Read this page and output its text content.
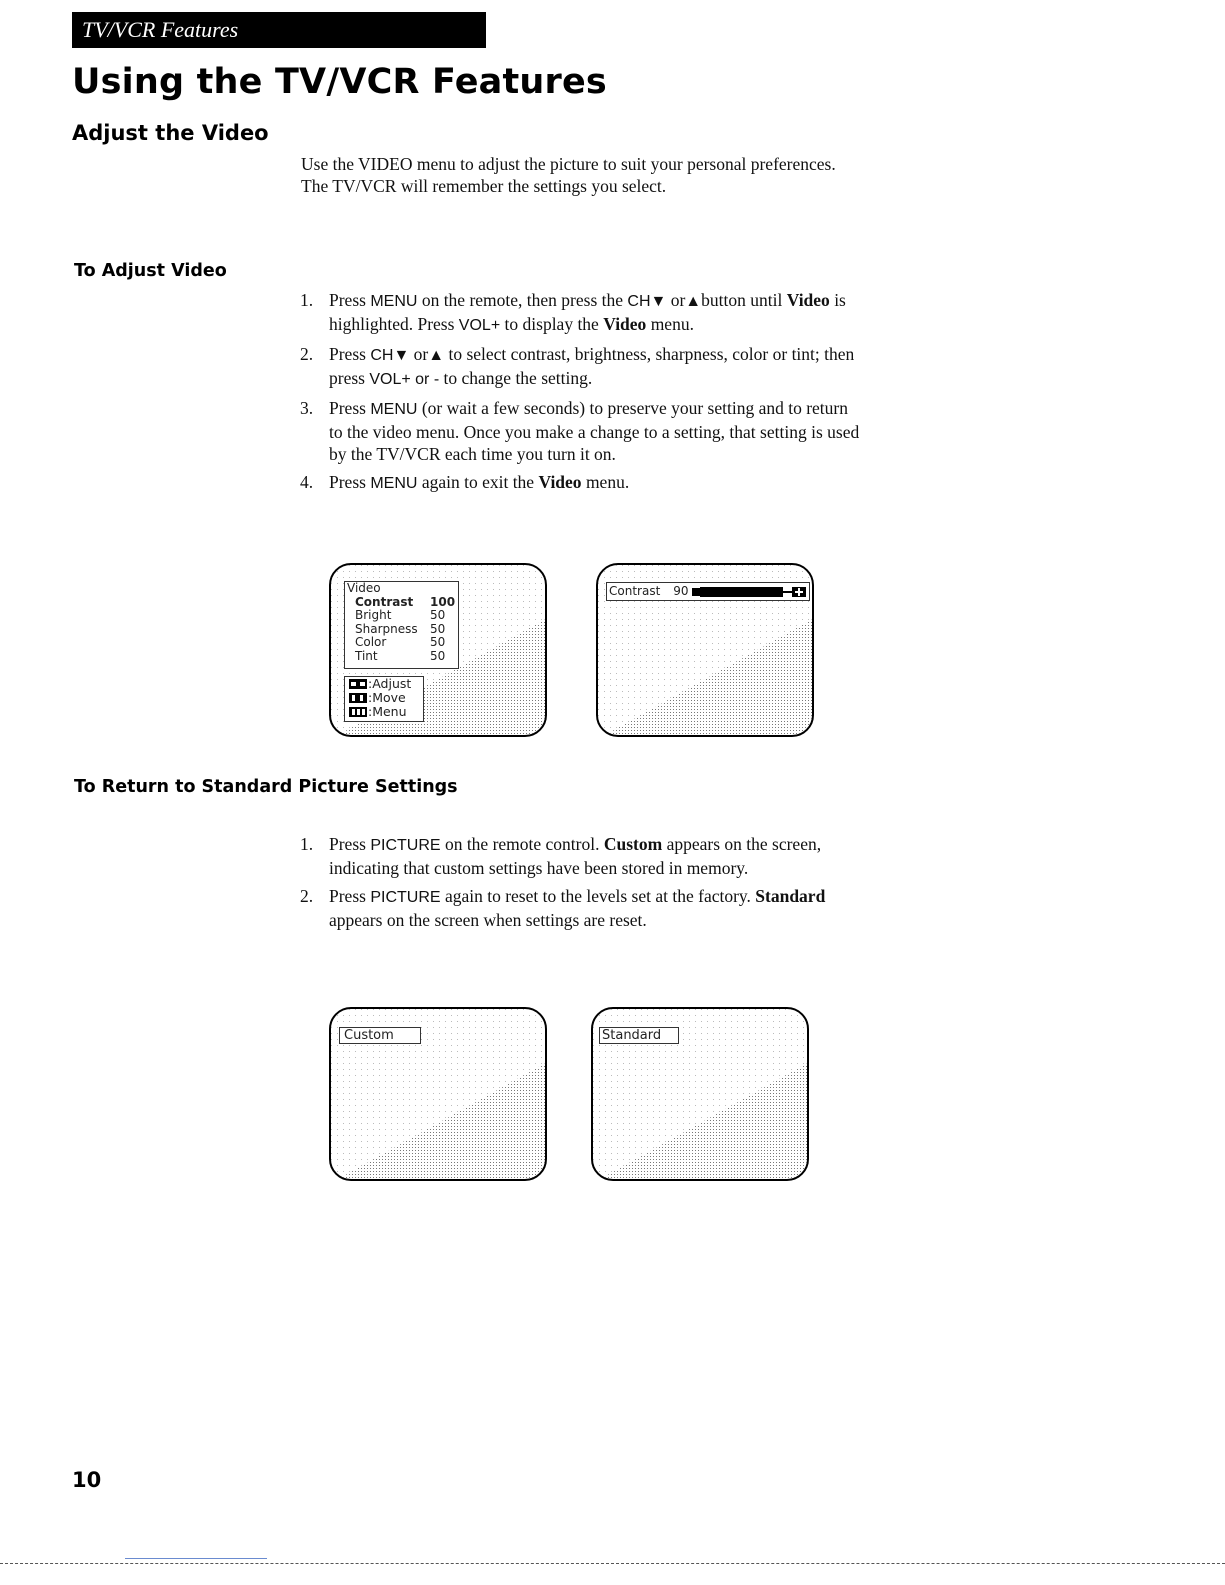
TV/VCR Features
Using the TV/VCR Features
Adjust the Video

Use the VIDEO menu to adjust the picture to suit your personal preferences. The TV/VCR will remember the settings you select.

To Adjust Video
1. Press MENU on the remote, then press the CH▼ or▲button until Video is highlighted. Press VOL+ to display the Video menu.
2. Press CH▼ or▲ to select contrast, brightness, sharpness, color or tint; then press VOL+ or - to change the setting.
3. Press MENU (or wait a few seconds) to preserve your setting and to return to the video menu. Once you make a change to a setting, that setting is used by the TV/VCR each time you turn it on.
4. Press MENU again to exit the Video menu.
Video
Contrast 100
Bright	50
Sharpness 50
Color	50
Tint	50
:Adjust
:Move
:Menu
Contrast 90
To Return to Standard Picture Settings
1. Press PICTURE on the remote control. Custom appears on the screen, indicating that custom settings have been stored in memory.
2. Press PICTURE again to reset to the levels set at the factory. Standard appears on the screen when settings are reset.
Custom	Standard
10
